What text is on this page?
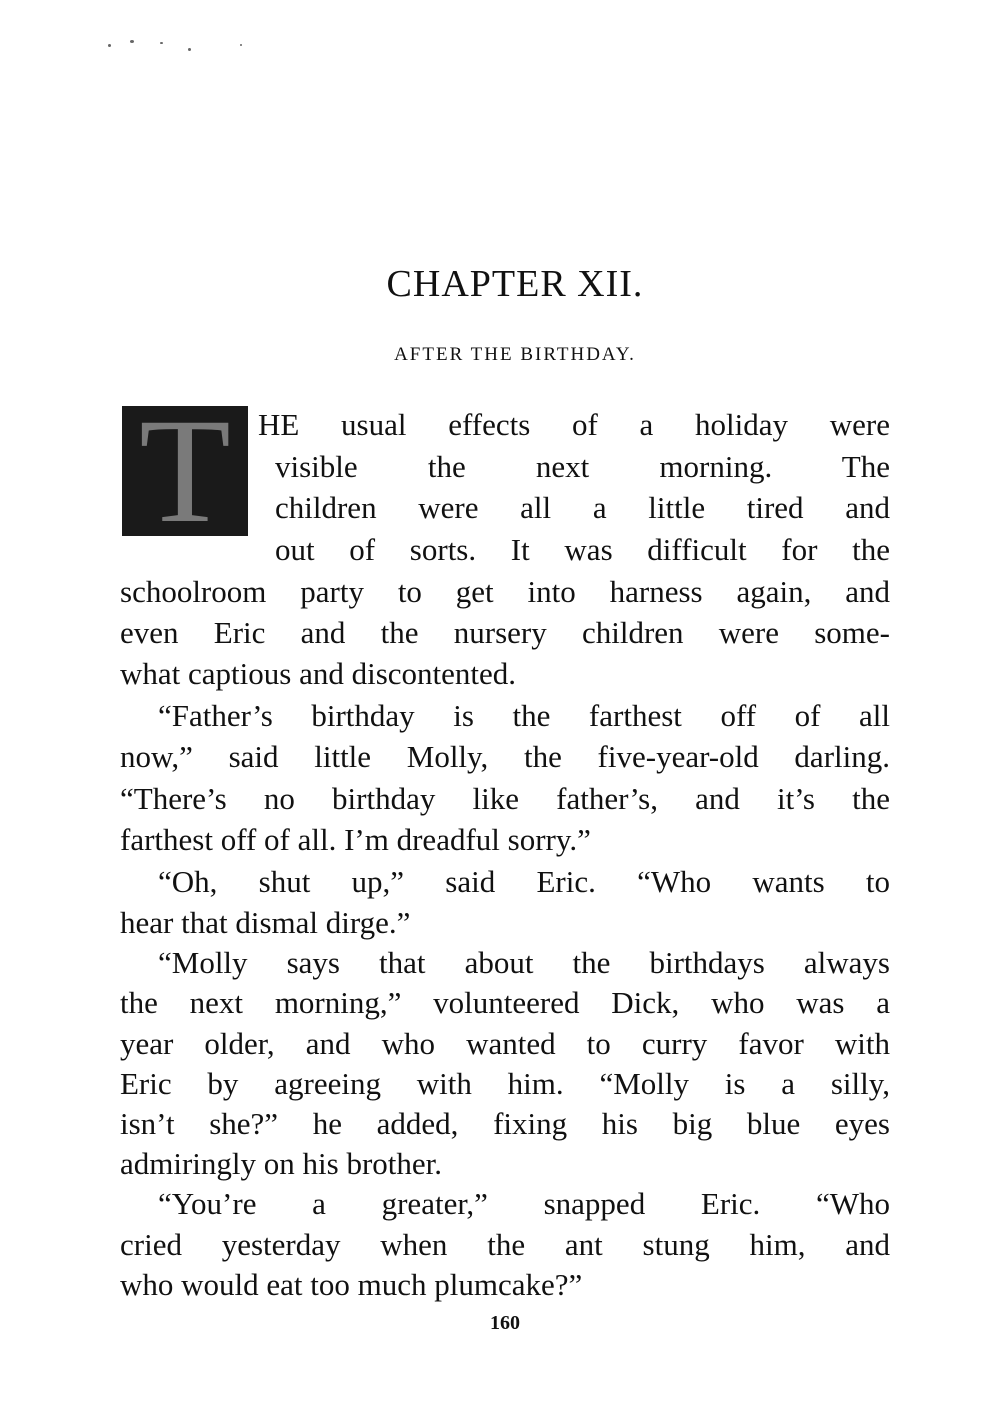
CHAPTER XII.
AFTER THE BIRTHDAY.
T HE usual effects of a holiday were
visible the next morning. The
children were all a little tired and
out of sorts. It was difficult for the
schoolroom party to get into harness again, and
even Eric and the nursery children were some-
what captious and discontented.
“Father’s birthday is the farthest off of all
now,” said little Molly, the five-year-old darling.
“There’s no birthday like father’s, and it’s the
farthest off of all. I’m dreadful sorry.”
“Oh, shut up,” said Eric. “Who wants to
hear that dismal dirge.”
“Molly says that about the birthdays always
the next morning,” volunteered Dick, who was a
year older, and who wanted to curry favor with
Eric by agreeing with him. “Molly is a silly,
isn’t she?” he added, fixing his big blue eyes
admiringly on his brother.
“You’re a greater,” snapped Eric. “Who
cried yesterday when the ant stung him, and
who would eat too much plumcake?”
160
